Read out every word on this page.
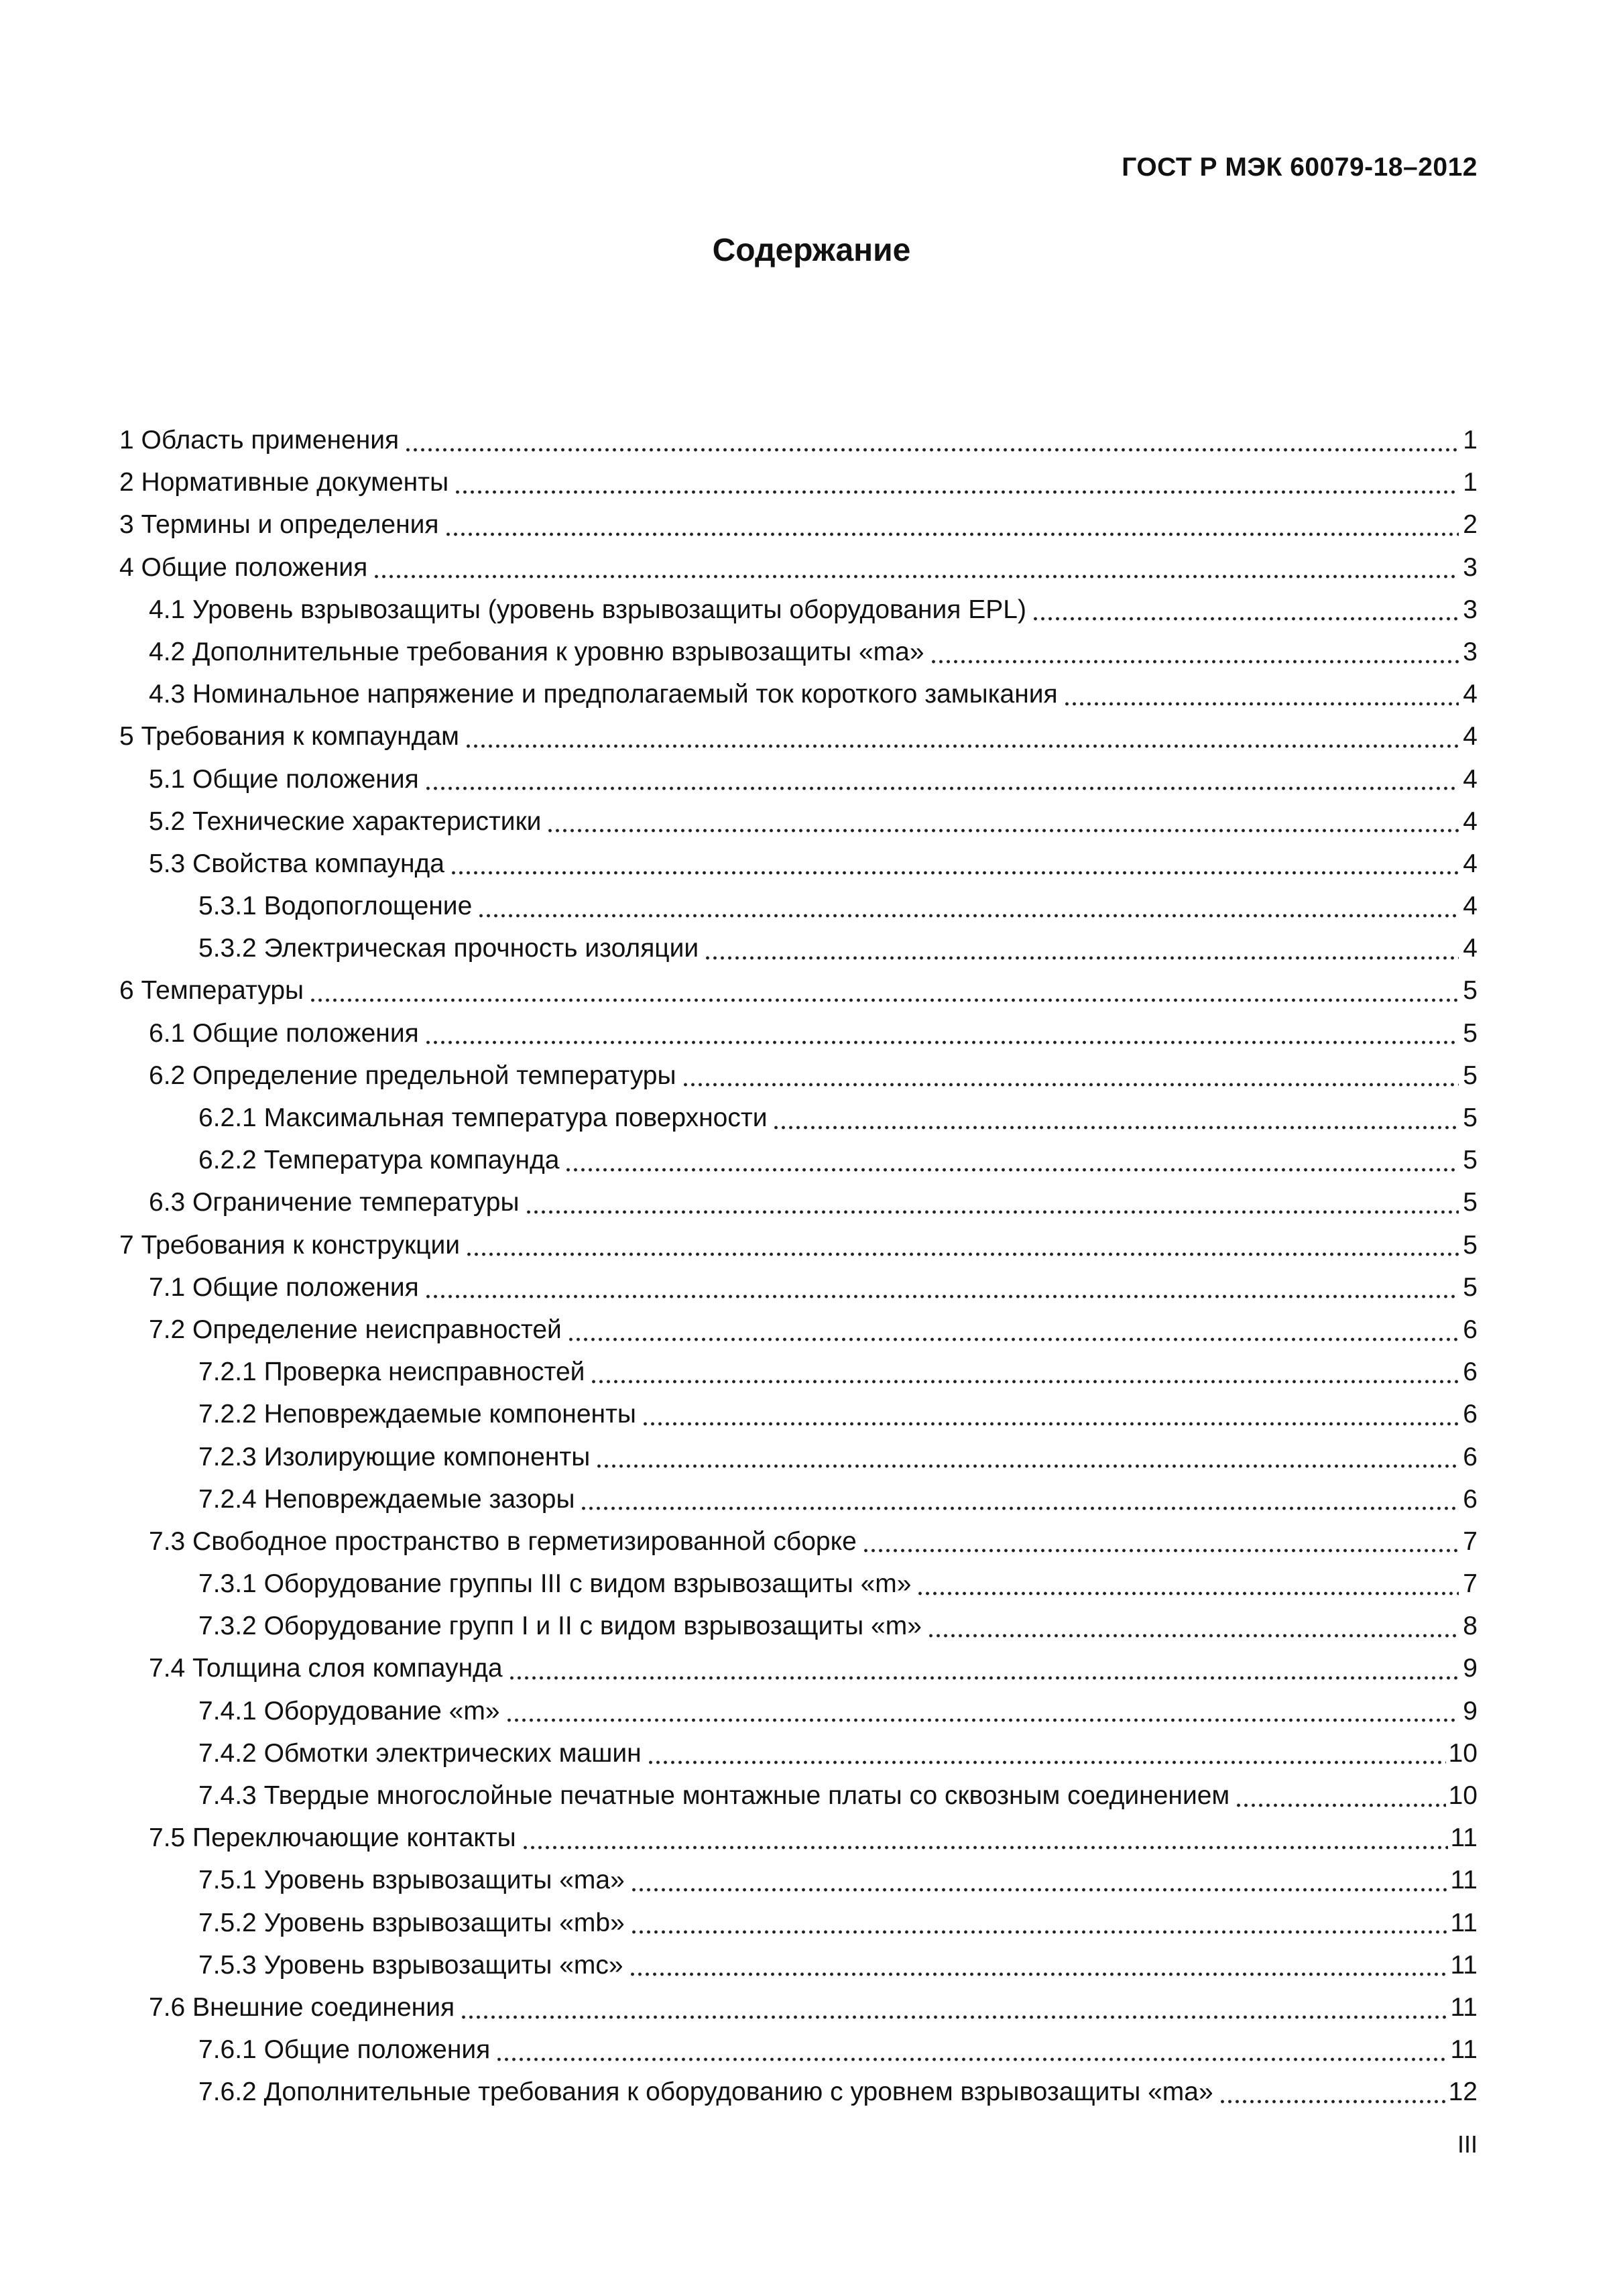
ГОСТ Р МЭК 60079-18–2012
Содержание
1 Область применения	1
2 Нормативные документы	1
3 Термины и определения	2
4 Общие положения	3
4.1 Уровень взрывозащиты (уровень взрывозащиты оборудования EPL)	3
4.2 Дополнительные требования к уровню взрывозащиты «ma»	3
4.3 Номинальное напряжение и предполагаемый ток короткого замыкания	4
5 Требования к компаундам	4
5.1 Общие положения	4
5.2 Технические характеристики	4
5.3 Свойства компаунда	4
5.3.1 Водопоглощение	4
5.3.2 Электрическая прочность изоляции	4
6 Температуры	5
6.1 Общие положения	5
6.2 Определение предельной температуры	5
6.2.1 Максимальная температура поверхности	5
6.2.2 Температура компаунда	5
6.3 Ограничение температуры	5
7 Требования к конструкции	5
7.1 Общие положения	5
7.2 Определение неисправностей	6
7.2.1 Проверка неисправностей	6
7.2.2 Неповреждаемые компоненты	6
7.2.3 Изолирующие компоненты	6
7.2.4 Неповреждаемые зазоры	6
7.3 Свободное пространство в герметизированной сборке	7
7.3.1 Оборудование группы III с видом взрывозащиты «m»	7
7.3.2 Оборудование групп I и II с видом взрывозащиты «m»	8
7.4 Толщина слоя компаунда	9
7.4.1 Оборудование «m»	9
7.4.2 Обмотки электрических машин	10
7.4.3 Твердые многослойные печатные монтажные платы со сквозным соединением	10
7.5 Переключающие контакты	11
7.5.1 Уровень взрывозащиты «ma»	11
7.5.2 Уровень взрывозащиты «mb»	11
7.5.3 Уровень взрывозащиты «mc»	11
7.6 Внешние соединения	11
7.6.1 Общие положения	11
7.6.2 Дополнительные требования к оборудованию с уровнем взрывозащиты «ma»	12
III
